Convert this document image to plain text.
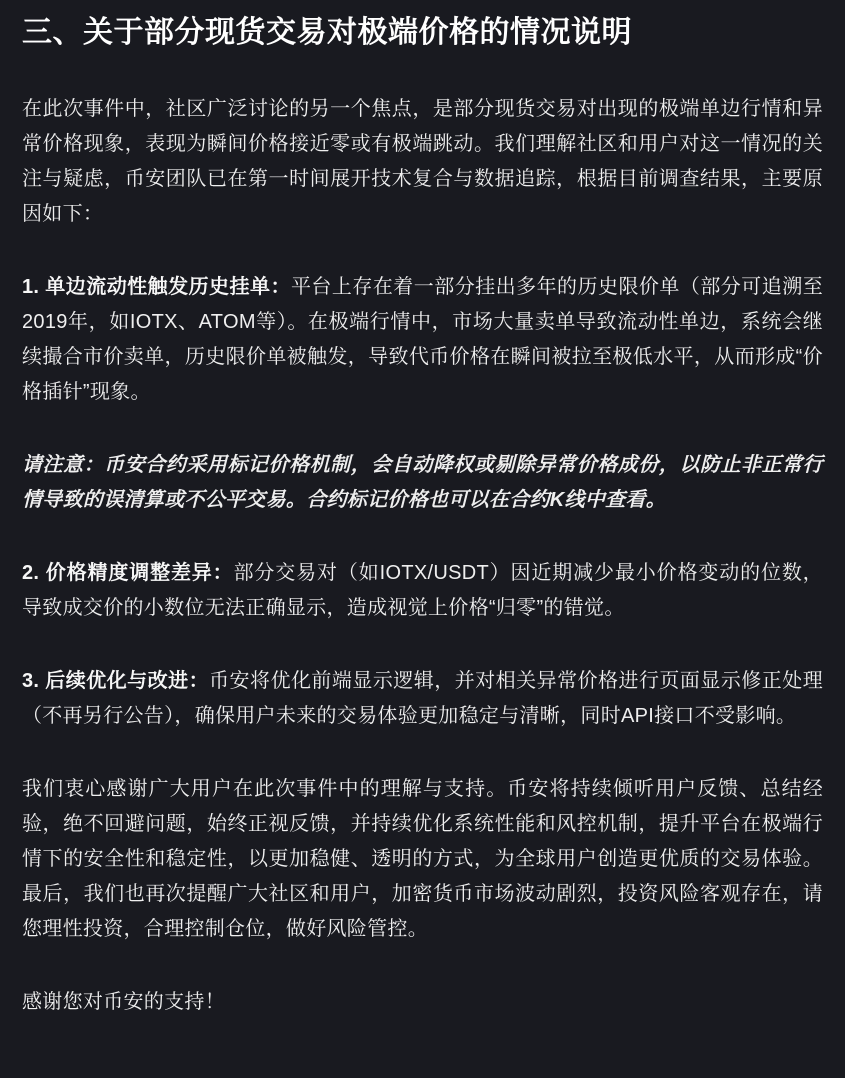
三、关于部分现货交易对极端价格的情况说明

在此次事件中，社区广泛讨论的另一个焦点，是部分现货交易对出现的极端单边行情和异常价格现象，表现为瞬间价格接近零或有极端跳动。我们理解社区和用户对这一情况的关注与疑虑，币安团队已在第一时间展开技术复合与数据追踪，根据目前调查结果，主要原因如下：

1. 单边流动性触发历史挂单：平台上存在着一部分挂出多年的历史限价单（部分可追溯至2019年，如IOTX、ATOM等）。在极端行情中，市场大量卖单导致流动性单边，系统会继续撮合市价卖单，历史限价单被触发，导致代币价格在瞬间被拉至极低水平，从而形成“价格插针”现象。

请注意：币安合约采用标记价格机制，会自动降权或剔除异常价格成份，以防止非正常行情导致的误清算或不公平交易。合约标记价格也可以在合约K线中查看。

2. 价格精度调整差异：部分交易对（如IOTX/USDT）因近期减少最小价格变动的位数，导致成交价的小数位无法正确显示，造成视觉上价格“归零”的错觉。

3. 后续优化与改进：币安将优化前端显示逻辑，并对相关异常价格进行页面显示修正处理（不再另行公告），确保用户未来的交易体验更加稳定与清晰，同时API接口不受影响。

我们衷心感谢广大用户在此次事件中的理解与支持。币安将持续倾听用户反馈、总结经验，绝不回避问题，始终正视反馈，并持续优化系统性能和风控机制，提升平台在极端行情下的安全性和稳定性，以更加稳健、透明的方式，为全球用户创造更优质的交易体验。最后，我们也再次提醒广大社区和用户，加密货币市场波动剧烈，投资风险客观存在，请您理性投资，合理控制仓位，做好风险管控。

感谢您对币安的支持！
